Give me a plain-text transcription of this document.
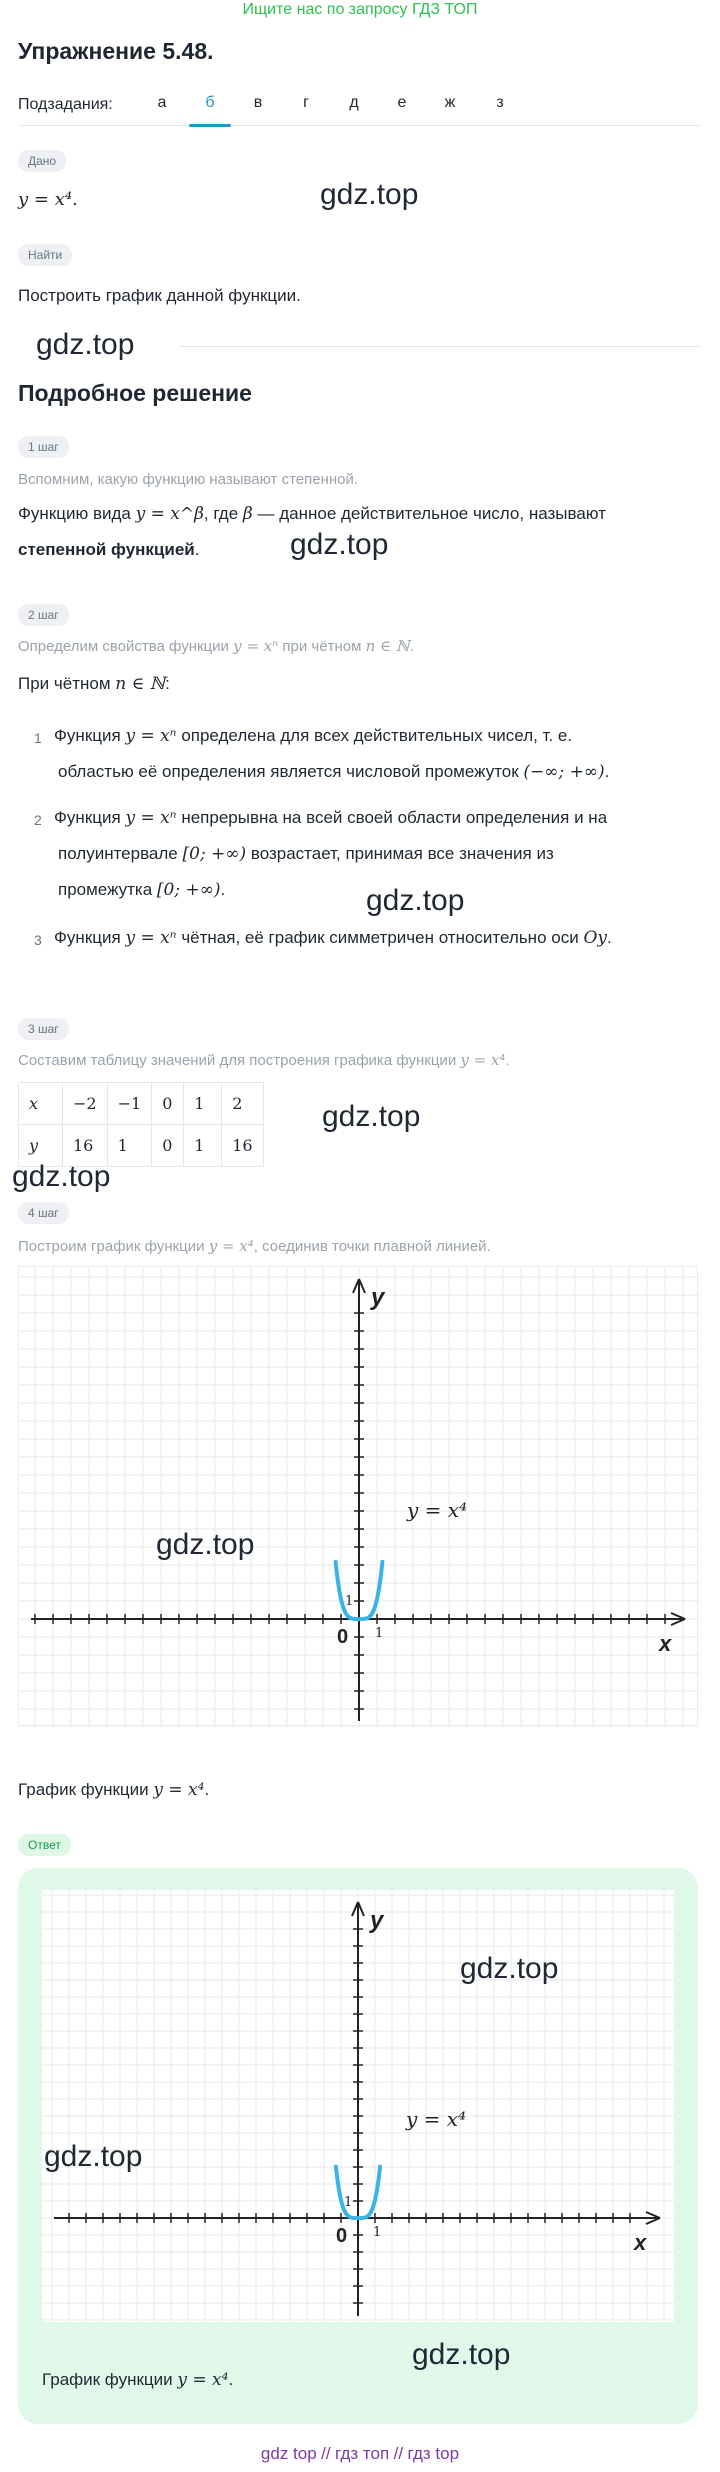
Ищите нас по запросу ГДЗ ТОП
Упражнение 5.48.
Подзадания:	а	б	в	г	д	е	ж	з
Дано
y = x⁴.	gdz.top
Найти
Построить график данной функции.
gdz.top
Подробное решение
1 шаг
Вспомним, какую функцию называют степенной.
Функцию вида y = x^β, где β — данное действительное число, называют
степенной функцией.	gdz.top
2 шаг
Определим свойства функции y = xⁿ при чётном n ∈ ℕ.
При чётном n ∈ ℕ:
1 Функция y = xⁿ определена для всех действительных чисел, т. е.
областью её определения является числовой промежуток (−∞; +∞).
2 Функция y = xⁿ непрерывна на всей своей области определения и на
полуинтервале [0; +∞) возрастает, принимая все значения из
промежутка [0; +∞).
3 Функция y = xⁿ чётная, её график симметричен относительно оси Oy.
gdz.top
3 шаг
Составим таблицу значений для построения графика функции y = x⁴.
x	−2	−1	0	1	2
y	16	1	0	1	16
gdz.top
gdz.top
4 шаг
Построим график функции y = x⁴, соединив точки плавной линией.
0 1
1
x
y
y = x⁴
gdz.top
График функции y = x⁴.
Ответ
0 1
1
x
y
y = x⁴
gdz.top
gdz.top
gdz.top
График функции y = x⁴.
gdz top // гдз топ // гдз top
